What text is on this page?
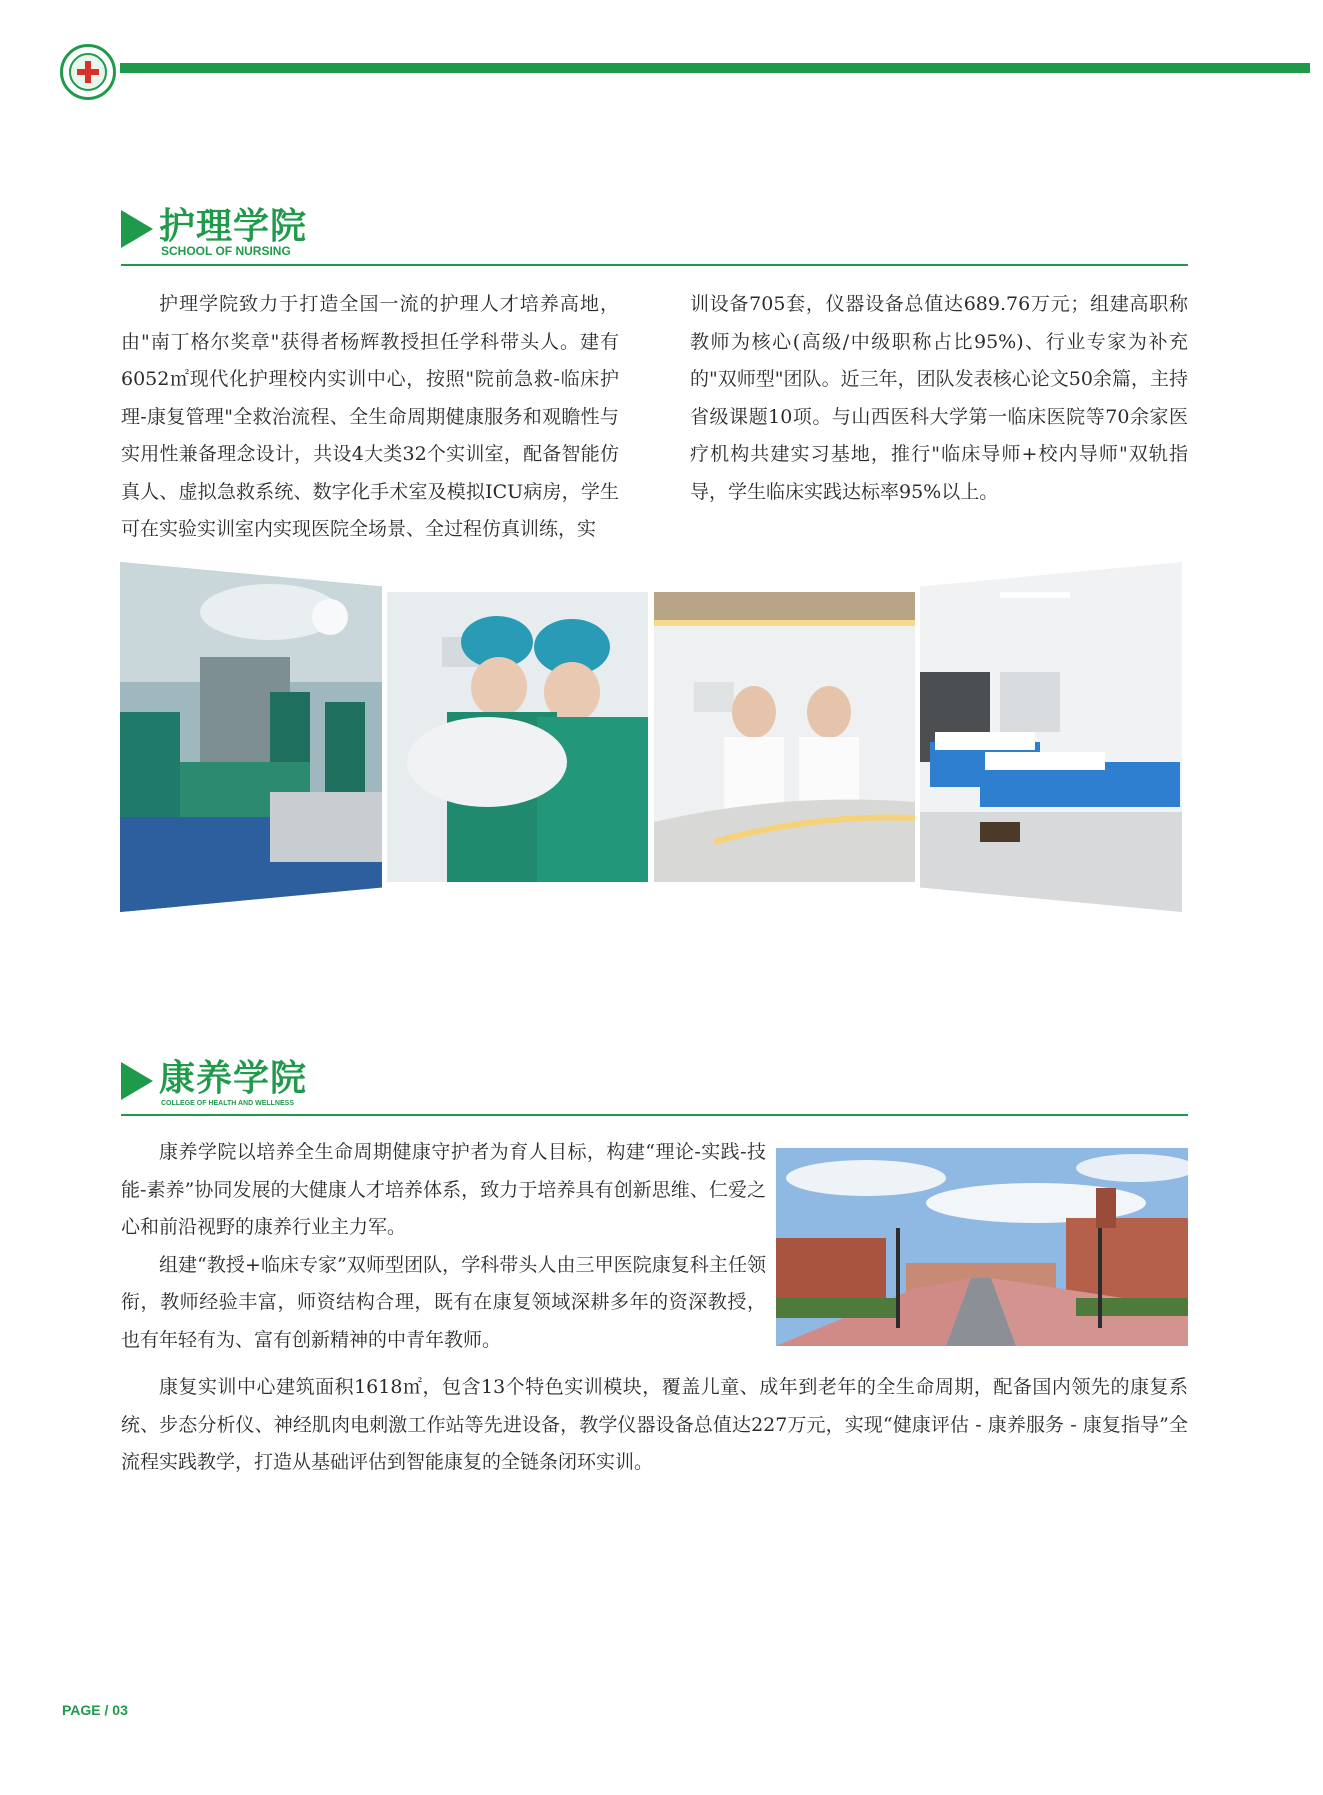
护理学院
SCHOOL OF NURSING

护理学院致力于打造全国一流的护理人才培养高地，由"南丁格尔奖章"获得者杨辉教授担任学科带头人。建有6052㎡现代化护理校内实训中心，按照"院前急救-临床护理-康复管理"全救治流程、全生命周期健康服务和观瞻性与实用性兼备理念设计，共设4大类32个实训室，配备智能仿真人、虚拟急救系统、数字化手术室及模拟ICU病房，学生可在实验实训室内实现医院全场景、全过程仿真训练，实

训设备705套，仪器设备总值达689.76万元；组建高职称教师为核心(高级/中级职称占比95%)、行业专家为补充的"双师型"团队。近三年，团队发表核心论文50余篇，主持省级课题10项。与山西医科大学第一临床医院等70余家医疗机构共建实习基地，推行"临床导师+校内导师"双轨指导，学生临床实践达标率95%以上。

康养学院
COLLEGE OF HEALTH AND WELLNESS

康养学院以培养全生命周期健康守护者为育人目标，构建“理论-实践-技能-素养”协同发展的大健康人才培养体系，致力于培养具有创新思维、仁爱之心和前沿视野的康养行业主力军。

组建“教授+临床专家”双师型团队，学科带头人由三甲医院康复科主任领衔，教师经验丰富，师资结构合理，既有在康复领域深耕多年的资深教授，也有年轻有为、富有创新精神的中青年教师。

康复实训中心建筑面积1618㎡，包含13个特色实训模块，覆盖儿童、成年到老年的全生命周期，配备国内领先的康复系统、步态分析仪、神经肌肉电刺激工作站等先进设备，教学仪器设备总值达227万元，实现“健康评估 - 康养服务 - 康复指导”全流程实践教学，打造从基础评估到智能康复的全链条闭环实训。

PAGE / 03
